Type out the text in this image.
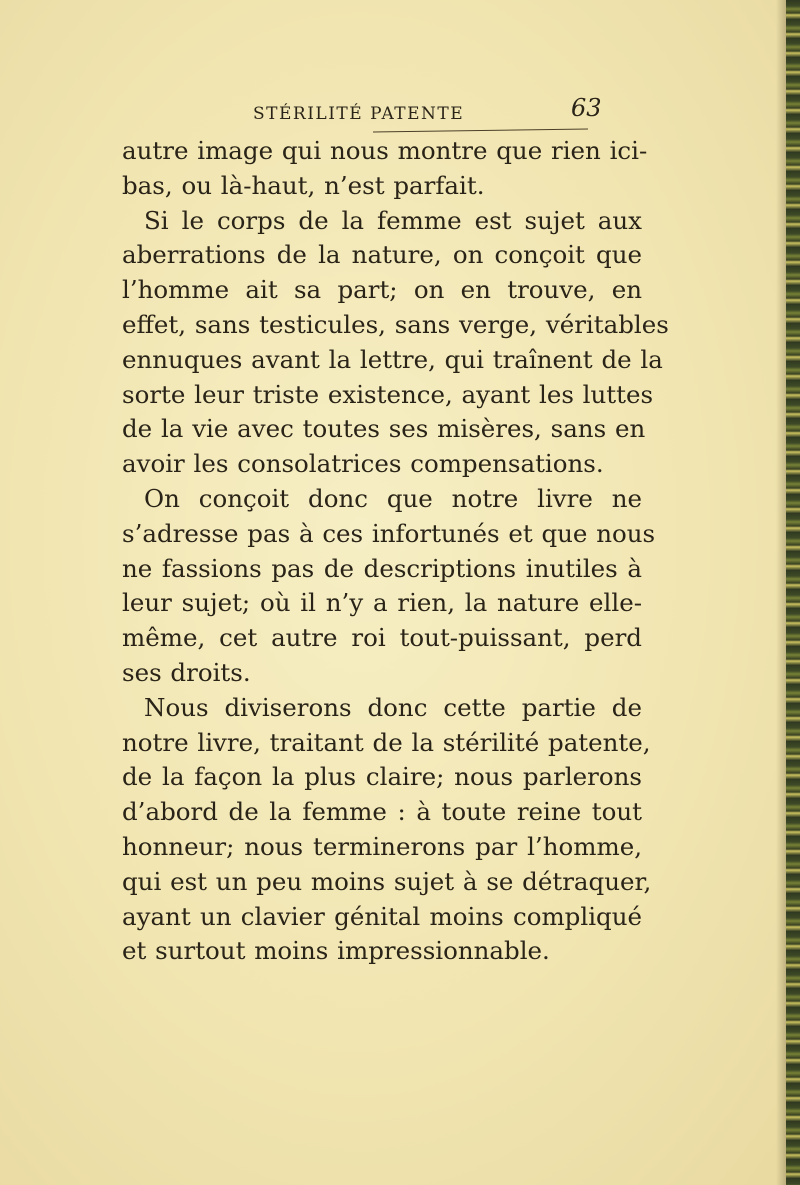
STÉRILITÉ PATENTE	63
autre image qui nous montre que rien ici-
bas, ou là-haut, n’est parfait.
Si le corps de la femme est sujet aux
aberrations de la nature, on conçoit que
l’homme ait sa part; on en trouve, en
effet, sans testicules, sans verge, véritables
ennuques avant la lettre, qui traînent de la
sorte leur triste existence, ayant les luttes
de la vie avec toutes ses misères, sans en
avoir les consolatrices compensations.
On conçoit donc que notre livre ne
s’adresse pas à ces infortunés et que nous
ne fassions pas de descriptions inutiles à
leur sujet; où il n’y a rien, la nature elle-
même, cet autre roi tout-puissant, perd
ses droits.
Nous diviserons donc cette partie de
notre livre, traitant de la stérilité patente,
de la façon la plus claire; nous parlerons
d’abord de la femme : à toute reine tout
honneur; nous terminerons par l’homme,
qui est un peu moins sujet à se détraquer,
ayant un clavier génital moins compliqué
et surtout moins impressionnable.
